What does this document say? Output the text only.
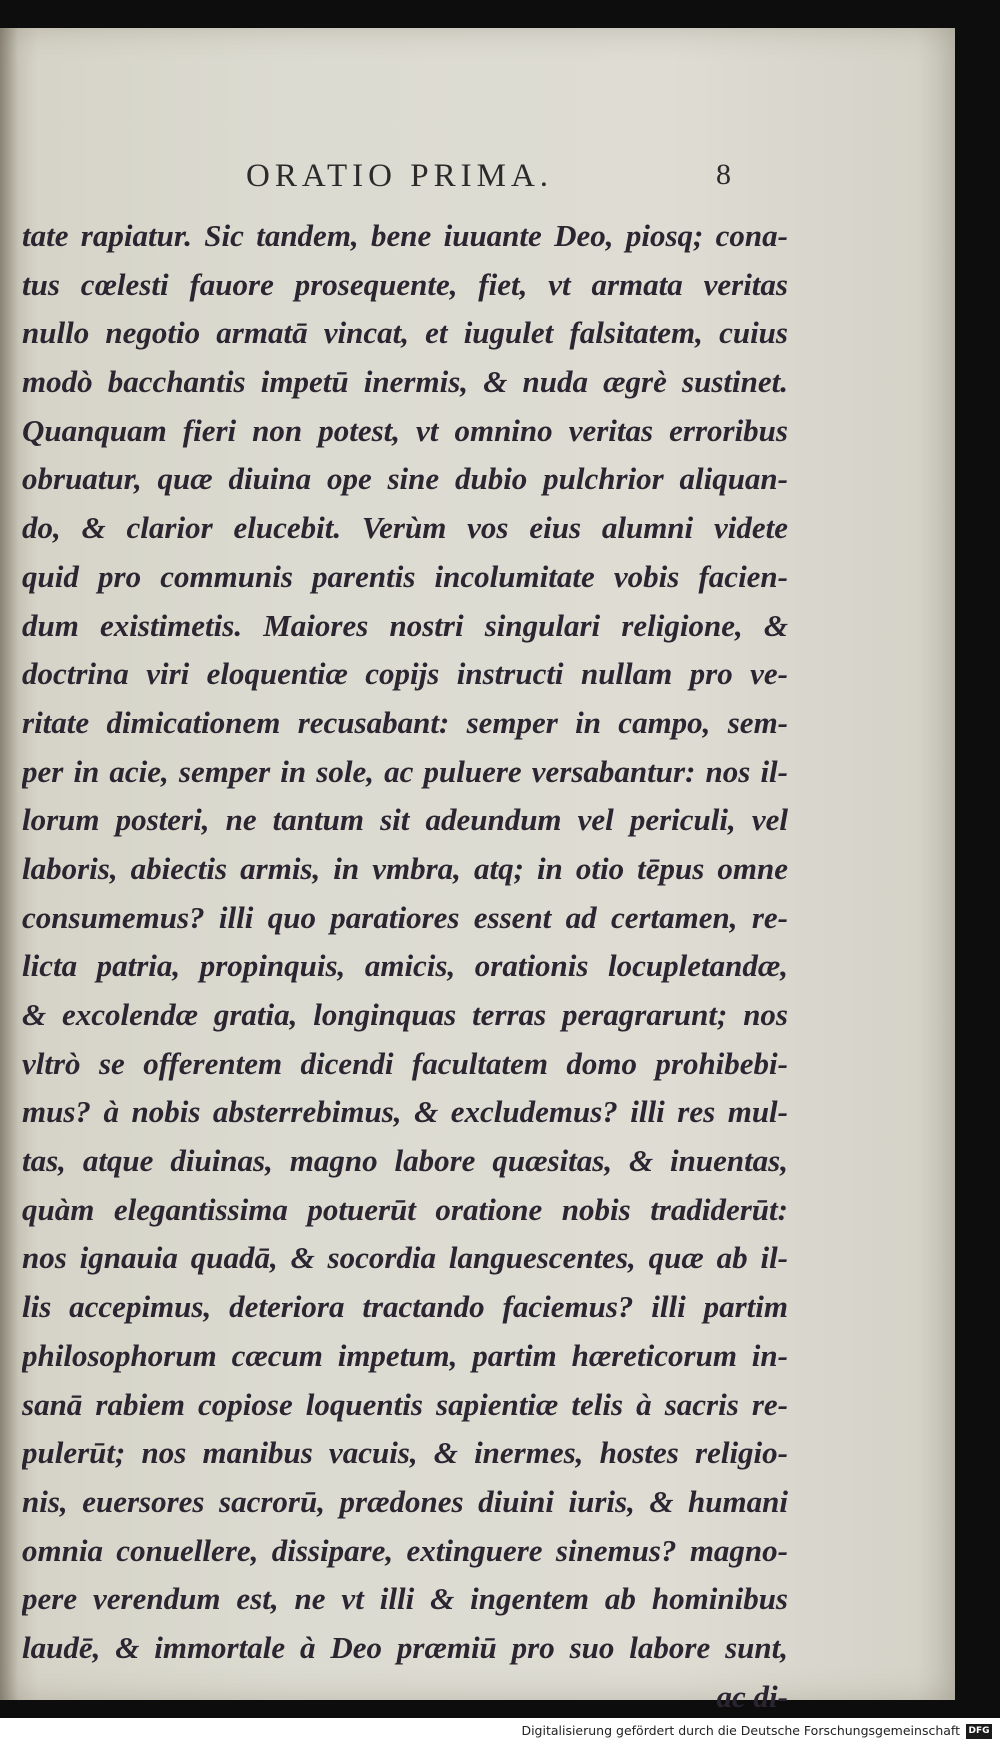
ORATIO PRIMA.	8
tate rapiatur. Sic tandem, bene iuuante Deo, piosq; cona-
tus cœlesti fauore prosequente, fiet, vt armata veritas
nullo negotio armatā vincat, et iugulet falsitatem, cuius
modò bacchantis impetū inermis, & nuda ægrè sustinet.
Quanquam fieri non potest, vt omnino veritas erroribus
obruatur, quæ diuina ope sine dubio pulchrior aliquan-
do, & clarior elucebit. Verùm vos eius alumni videte
quid pro communis parentis incolumitate vobis facien-
dum existimetis. Maiores nostri singulari religione, &
doctrina viri eloquentiæ copijs instructi nullam pro ve-
ritate dimicationem recusabant: semper in campo, sem-
per in acie, semper in sole, ac puluere versabantur: nos il-
lorum posteri, ne tantum sit adeundum vel periculi, vel
laboris, abiectis armis, in vmbra, atq; in otio tēpus omne
consumemus? illi quo paratiores essent ad certamen, re-
licta patria, propinquis, amicis, orationis locupletandæ,
& excolendæ gratia, longinquas terras peragrarunt; nos
vltrò se offerentem dicendi facultatem domo prohibebi-
mus? à nobis absterrebimus, & excludemus? illi res mul-
tas, atque diuinas, magno labore quæsitas, & inuentas,
quàm elegantissima potuerūt oratione nobis tradiderūt:
nos ignauia quadā, & socordia languescentes, quæ ab il-
lis accepimus, deteriora tractando faciemus? illi partim
philosophorum cæcum impetum, partim hæreticorum in-
sanā rabiem copiose loquentis sapientiæ telis à sacris re-
pulerūt; nos manibus vacuis, & inermes, hostes religio-
nis, euersores sacrorū, prædones diuini iuris, & humani
omnia conuellere, dissipare, extinguere sinemus? magno-
pere verendum est, ne vt illi & ingentem ab hominibus
laudē, & immortale à Deo præmiū pro suo labore sunt,
ac di-
Digitalisierung gefördert durch die Deutsche Forschungsgemeinschaft DFG
